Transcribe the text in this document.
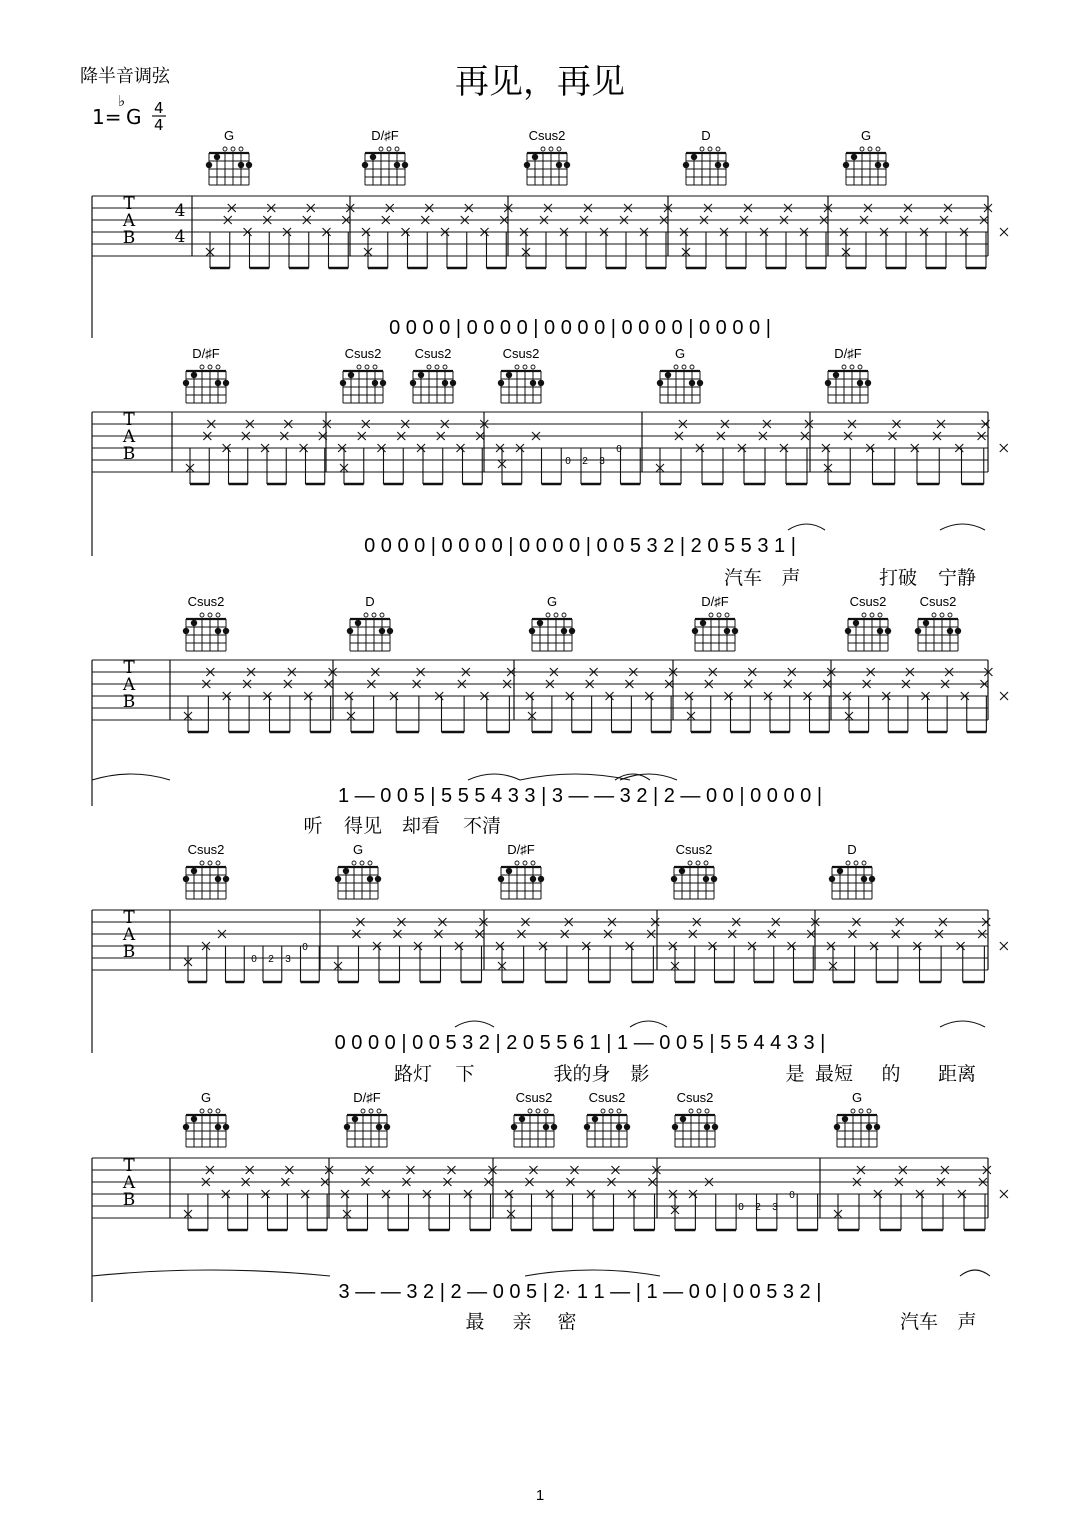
再见，再见
降半音调弦
1=
♭
G 4
4
T
A
B
4
4
0 0 0 0 | 0 0 0 0 | 0 0 0 0 | 0 0 0 0 | 0 0 0 0 |
G	D/♯F	Csus2	D	G
T
A
B	0 2 3
0
0 0 0 0 | 0 0 0 0 | 0 0 0 0 | 0 0 5 3 2 | 2 0 5 5 3 1 |
汽车 声	打破 宁静
D/♯F	Csus2	Csus2	Csus2	G	D/♯F
T
A
B
1 — 0 0 5 | 5 5 5 4 3 3 | 3 — — 3 2 | 2 — 0 0 | 0 0 0 0 |
听 得见 却看 不清
Csus2	D	G	D/♯F	Csus2	Csus2
T
A
B	0 2 3
0
0 0 0 0 | 0 0 5 3 2 | 2 0 5 5 6 1 | 1 — 0 0 5 | 5 5 4 4 3 3 |
路灯 下	我的身 影	是 最短 的 距离
Csus2	G	D/♯F	Csus2	D
T
A
B	0 2 3
0
3 — — 3 2 | 2 — 0 0 5 | 2· 1 1 — | 1 — 0 0 | 0 0 5 3 2 |
最 亲 密	汽车 声
G	D/♯F	Csus2	Csus2	Csus2	G
1
